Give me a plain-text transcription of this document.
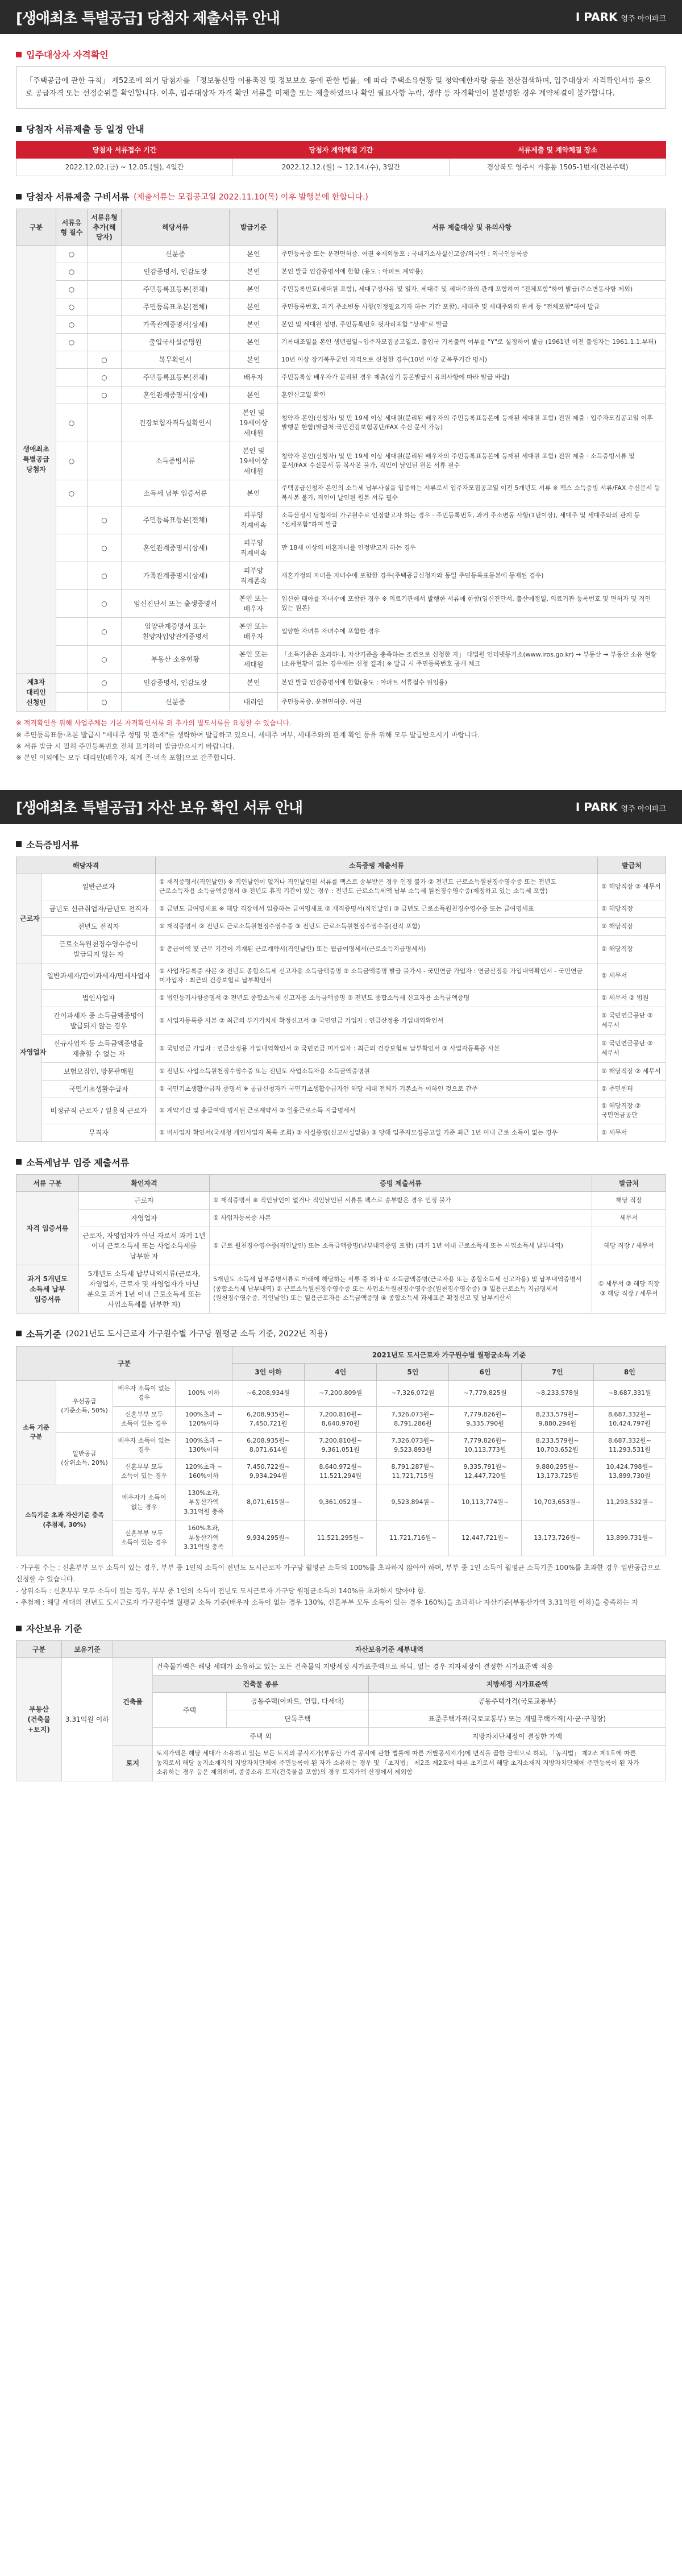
[생애최초 특별공급] 당첨자 제출서류 안내	I PARK 영주 아이파크
입주대상자 자격확인
「주택공급에 관한 규칙」 제52조에 의거 당첨자를 「정보통신망 이용촉진 및 정보보호 등에 관한 법률」에 따라 주택소유현황 및 청약예한자량 등을 전산검색하며, 입주대상자 자격확인서류 등으로 공급자격 또는 선정순위를 확인합니다. 이후, 입주대상자 자격 확인 서류를 미제출 또는 제출하였으나 확인 필요사항 누락, 생략 등 자격확인이 불분명한 경우 계약체결이 불가합니다.
당첨자 서류제출 등 일정 안내
당첨자 서류접수 기간	당첨자 계약체결 기간	서류제출 및 계약체결 장소
2022.12.02.(금) ~ 12.05.(월), 4일간	2022.12.12.(월) ~ 12.14.(수), 3일간	경상북도 영주시 가흥동 1505-1번지(견본주택)
당첨자 서류제출 구비서류 (제출서류는 모집공고일 2022.11.10(목) 이후 발행분에 한합니다.)
구분	서류유형 필수	서류유형 추가(해당자)	해당서류	발급기준	서류 제출대상 및 유의사항
생애최초 특별공급 당첨자	○		신분증	본인	주민등록증 또는 운전면허증, 여권 ※재외동포 : 국내거소사실신고증/외국인 : 외국인등록증
	○		인감증명서, 인감도장	본인	본인 발급 인감증명서에 한함 (용도 : 아파트 계약용)
	○		주민등록표등본(전체)	본인	주민등록번호(세대원 포함), 세대구성사유 및 일자, 세대주 및 세대주와의 관계 포함하여 "전체포함"하여 발급(주소변동사항 제외)
	○		주민등록표초본(전체)	본인	주민등록번호, 과거 주소변동 사항(인정필요기자 하는 기간 포함), 세대주 및 세대주와의 관계 등 "전체포함"하여 발급
	○		가족관계증명서(상세)	본인	본인 및 세대원 성명, 주민등록번호 뒷자리포함 "상세"로 발급
	○		출입국사실증명원	본인	기록대조일을 본인 생년월일~입주자모집공고일로, 출입국 기록출력 여부를 "Y"로 설정하여 발급 (1961년 이전 출생자는 1961.1.1.부터)
		○	복무확인서	본인	10년 이상 장기복무군인 자격으로 신청한 경우(10년 이상 군복무기간 명시)
		○	주민등록표등본(전체)	배우자	주민등록상 배우자가 분리된 경우 제출(상기 등본발급시 유의사항에 따라 발급 바람)
		○	혼인관계증명서(상세)	본인	혼인신고일 확인
	○		건강보험자격득실확인서	본인 및 19세이상 세대원	청약자 본인(신청자) 및 만 19세 이상 세대원(분리된 배우자의 주민등록표등본에 등재된 세대원 포함) 전원 제출 · 입주자모집공고일 이후 발행분 한함(발급처:국민건강보험공단/FAX 수신 문서 가능)
	○		소득증빙서류	본인 및 19세이상 세대원	청약자 본인(신청자) 및 만 19세 이상 세대원(분리된 배우자의 주민등록표등본에 등재된 세대원 포함) 전원 제출 · 소득증빙서류 및 문서/FAX 수신문서 등 복사본 불가, 직인이 날인된 원본 서류 필수
	○		소득세 납부 입증서류	본인	주택공급신청자 본인의 소득세 납부사실을 입증하는 서류로서 입주자모집공고일 이전 5개년도 서류 ※ 팩스 소득증빙 서류/FAX 수신문서 등 복사본 불가, 직인이 날인된 원본 서류 필수
		○	주민등록표등본(전체)	피부양 직계비속	소득산정시 당첨자의 가구원수로 인정받고자 하는 경우 · 주민등록번호, 과거 주소변동 사항(1년이상), 세대주 및 세대주와의 관계 등 "전체포함"하여 발급
		○	혼인관계증명서(상세)	피부양 직계비속	만 18세 이상의 미혼자녀를 인정받고자 하는 경우
		○	가족관계증명서(상세)	피부양 직계존속	재혼가정의 자녀를 자녀수에 포함한 경우(주택공급신청자와 동일 주민등록표등본에 등재된 경우)
		○	임신진단서 또는 출생증명서	본인 또는 배우자	입신한 태아를 자녀수에 포함한 경우 ※ 의료기관에서 발행한 서류에 한함(임신진단서, 출산예정일, 의료기관 등록번호 및 면허자 및 직인 있는 원본)
		○	입양관계증명서 또는 친양자입양관계증명서	본인 또는 배우자	입양한 자녀를 자녀수에 포함한 경우
		○	부동산 소유현황	본인 또는 세대원	「소득기준은 초과하나, 자산기준을 충족하는 조건으로 신청한 자」 대법원 인터넷등기소(www.iros.go.kr) → 부동산 → 부동산 소유 현황 (소유현황이 없는 경우에는 신청 결과) ※ 발급 시 주민등록번호 공개 체크
제3자 대리인 신청인		○	인감증명서, 인감도장	본인	본인 발급 인감증명서에 한함(용도 : 아파트 서류접수 위임용)
		○	신분증	대리인	주민등록증, 운전면허증, 여권
※ 적격확인을 위해 사업주체는 기본 자격확인서류 외 추가의 별도서류를 요청할 수 있습니다.
※ 주민등록표등·초본 발급시 "세대주 성명 및 관계"를 생략하여 발급하고 있으니, 세대주 여부, 세대주와의 관계 확인 등을 위해 모두 발급받으시기 바랍니다.
※ 서류 발급 시 필히 주민등록번호 전체 표기하여 발급받으시기 바랍니다.
※ 본인 이외에는 모두 대리인(배우자, 직계 존·비속 포함)으로 간주합니다.
[생애최초 특별공급] 자산 보유 확인 서류 안내	I PARK 영주 아이파크
소득증빙서류
해당자격		소득증빙 제출서류	발급처
근로자	일반근로자	① 재직증명서(직인날인) ※ 직인날인이 없거나 직인날인된 서류를 팩스로 송부받은 경우 인정 불가 ② 전년도 근로소득원천징수영수증 또는 전년도 근로소득자용 소득금액증명서 ③ 전년도 휴직 기간이 있는 경우 : 전년도 근로소득세액 납부 소득세 원천징수영수증(제정하고 있는 소득세 포함)	① 해당직장 ② 세무서
	금년도 신규취업자/금년도 전직자	① 금년도 급여명세표 ※ 해당 직장에서 입증하는 급여명세표 ② 재직증명서(직인날인) ③ 금년도 근로소득원천징수영수증 또는 급여명세표	① 해당직장
	전년도 전직자	① 재직증명서 ② 전년도 근로소득원천징수영수증 ③ 전년도 근로소득원천징수영수증(전직 포함)	① 해당직장
	근로소득원천징수영수증이 발급되지 않는 자	① 총급여액 및 근무 기간이 기재된 근로계약서(직인날인) 또는 월급여명세서(근로소득지급명세서)	① 해당직장
자영업자	일반과세자/간이과세자/면세사업자	① 사업자등록증 사본 ② 전년도 종합소득세 신고자용 소득금액증명 ③ 소득금액증명 발급 불가시 - 국민연금 가입자 : 연금산정용 가입내역확인서 - 국민연금 미가입자 : 최근의 건강보험료 납부확인서	① 세무서
	법인사업자	① 법인등기사항증명서 ② 전년도 종합소득세 신고자용 소득금액증명 ③ 전년도 종합소득세 신고자용 소득금액증명	① 세무서 ② 법원
	간이과세자 중 소득금액증명이 발급되지 않는 경우	① 사업자등록증 사본 ② 최근의 부가가치세 확정신고서 ③ 국민연금 가입자 : 연금산정용 가입내역확인서	① 국민연금공단 ② 세무서
	신규사업자 등 소득금액증명을 제출할 수 없는 자	① 국민연금 가입자 : 연금산정용 가입내역확인서 ② 국민연금 미가입자 : 최근의 건강보험료 납부확인서 ③ 사업자등록증 사본	① 국민연금공단 ② 세무서
	보험모집인, 방문판매원	① 전년도 사업소득원천징수영수증 또는 전년도 사업소득자용 소득금액증명원	① 해당직장 ② 세무서
	국민기초생활수급자	① 국민기초생활수급자 증명서 ※ 공급신청자가 국민기초생활수급자인 해당 세대 전체가 기본소득 이하인 것으로 간주	① 주민센터
	비정규직 근로자 / 일용직 근로자	① 계약기간 및 총급여액 명시된 근로계약서 ② 일용근로소득 지급명세서	① 해당직장 ② 국민연금공단
	무직자	① 비사업자 확인서(국세청 개인사업자 목록 조회) ② 사실증명(신고사실없음) ③ 당해 입주자모집공고일 기준 최근 1년 이내 근로 소득이 없는 경우	① 세무서
소득세납부 입증 제출서류
서류 구분	확인자격	증빙 제출서류	발급처
자격 입증서류	근로자	① 재직증명서 ※ 직인날인이 없거나 직인날인된 서류를 팩스로 송부받은 경우 인정 불가	해당 직장
	자영업자	① 사업자등록증 사본	세무서
	근로자, 자영업자가 아닌 자로서 과거 1년 이내 근로소득세 또는 사업소득세를 납부한 자	① 근로 원천징수영수증(직인날인) 또는 소득금액증명(납부내역증명 포함) (과거 1년 이내 근로소득세 또는 사업소득세 납부내역)	해당 직장 / 세무서
과거 5개년도 소득세 납부 입증서류	5개년도 소득세 납부내역서류(근로자, 자영업자, 근로자 및 자영업자가 아닌 분으로 과거 1년 이내 근로소득세 또는 사업소득세를 납부한 자)	5개년도 소득세 납부증명서류로 아래에 해당하는 서류 중 하나 ① 소득금액증명(근로자용 또는 종합소득세 신고자용) 및 납부내역증명서(종합소득세 납부내역) ② 근로소득원천징수영수증 또는 사업소득원천징수영수증(원천징수영수증) ③ 일용근로소득 지급명세서(원천징수영수증, 직인날인) 또는 일용근로자용 소득금액증명 ④ 종합소득세 과세표준 확정신고 및 납부계산서	① 세무서 ② 해당 직장 ③ 해당 직장 / 세무서
소득기준 (2021년도 도시근로자 가구원수별 가구당 월평균 소득 기준, 2022년 적용)
구분				2021년도 도시근로자 가구원수별 월평균소득 기준					
				3인 이하	4인	5인	6인	7인	8인
소득 기준 구분	우선공급(기준소득, 50%)	배우자 소득이 없는 경우	100% 이하	~6,208,934원	~7,200,809원	~7,326,072원	~7,779,825원	~8,233,578원	~8,687,331원
		신혼부부 모두 소득이 있는 경우	100%초과 ~ 120%이하	6,208,935원~ 7,450,721원	7,200,810원~ 8,640,970원	7,326,073원~ 8,791,286원	7,779,826원~ 9,335,790원	8,233,579원~ 9,880,294원	8,687,332원~ 10,424,797원
	일반공급(상위소득, 20%)	배우자 소득이 없는 경우	100%초과 ~ 130%이하	6,208,935원~ 8,071,614원	7,200,810원~ 9,361,051원	7,326,073원~ 9,523,893원	7,779,826원~ 10,113,773원	8,233,579원~ 10,703,652원	8,687,332원~ 11,293,531원
		신혼부부 모두 소득이 있는 경우	120%초과 ~ 160%이하	7,450,722원~ 9,934,294원	8,640,972원~ 11,521,294원	8,791,287원~ 11,721,715원	9,335,791원~ 12,447,720원	9,880,295원~ 13,173,725원	10,424,798원~ 13,899,730원
소득기준 초과 자산기준 충족 (추첨제, 30%)		배우자가 소득이 없는 경우	130%초과, 부동산가액 3.31억원 충족	8,071,615원~	9,361,052원~	9,523,894원~	10,113,774원~	10,703,653원~	11,293,532원~
		신혼부부 모두 소득이 있는 경우	160%초과, 부동산가액 3.31억원 충족	9,934,295원~	11,521,295원~	11,721,716원~	12,447,721원~	13,173,726원~	13,899,731원~
- 가구원 수는 : 신혼부부 모두 소득이 있는 경우, 부부 중 1인의 소득이 전년도 도시근로자 가구당 월평균 소득의 100%를 초과하지 않아야 하며, 부부 중 1인 소득이 월평균 소득기준 100%를 초과한 경우 일반공급으로 신청할 수 있습니다.
- 상위소득 : 신혼부부 모두 소득이 있는 경우, 부부 중 1인의 소득이 전년도 도시근로자 가구당 월평균소득의 140%를 초과하지 않아야 함.
- 추첨제 : 해당 세대의 전년도 도시근로자 가구원수별 월평균 소득 기준(배우자 소득이 없는 경우 130%, 신혼부부 모두 소득이 있는 경우 160%)을 초과하나 자산기준(부동산가액 3.31억원 이하)을 충족하는 자
자산보유 기준
구분	보유기준	자산보유기준 세부내역			
부동산 (건축물 +토지)	3.31억원 이하	건축물	건축물가액은 해당 세대가 소유하고 있는 모든 건축물의 지방세정 시가표준액으로 하되, 없는 경우 지자체장이 결정한 시가표준액 적용		
			건축물 종류		지방세정 시가표준액
			주택	공동주택(아파트, 연립, 다세대)	공동주택가격(국토교통부)
				단독주택	표준주택가격(국토교통부) 또는 개별주택가격(시·군·구청장)
			주택 외		지방자치단체장이 결정한 가액
		토지	토지가액은 해당 세대가 소유하고 있는 모든 토지의 공시지가(부동산 가격 공시에 관한 법률에 따른 개별공시지가)에 면적을 곱한 금액으로 하되, 「농지법」 제2조 제1호에 따른 농지로서 해당 농지소재지의 지방자치단체에 주민등록이 된 자가 소유하는 경우 및 「초지법」 제2조 제2호에 따른 초지로서 해당 초지소재지 지방자치단체에 주민등록이 된 자가 소유하는 경우 등은 제외하며, 종중소유 토지(건축물을 포함)의 경우 토지가액 산정에서 제외함		
